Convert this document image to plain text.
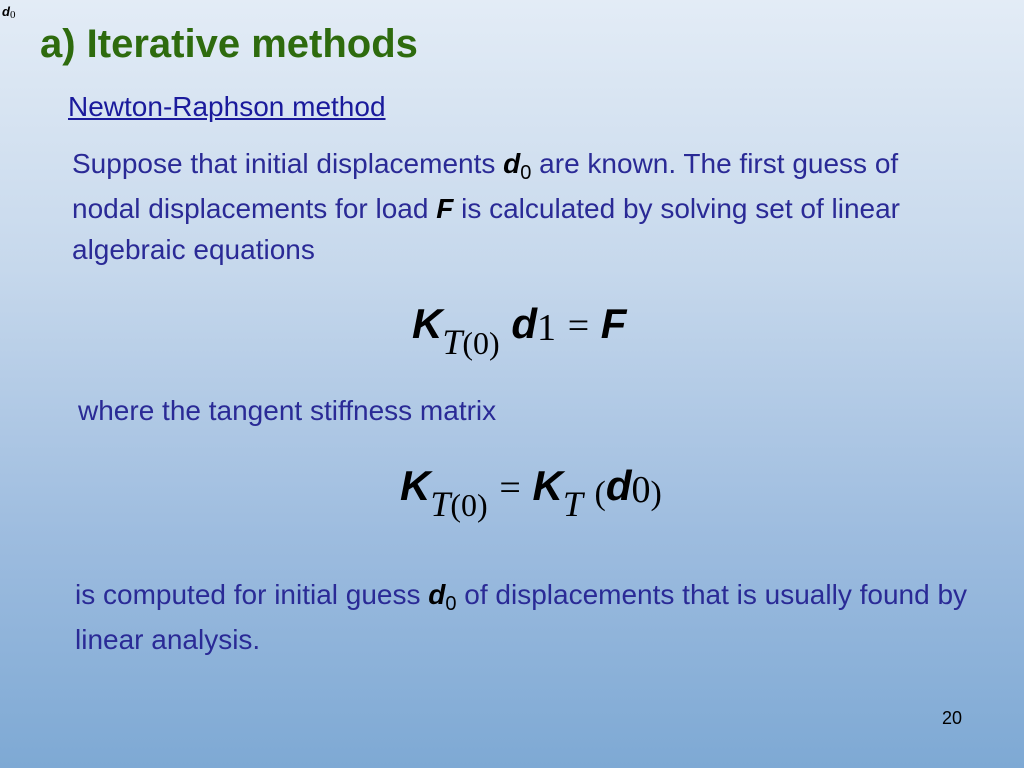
d0
a) Iterative methods
Newton-Raphson method
Suppose that initial displacements $d_0$ are known. The first guess of nodal displacements for load F is calculated by solving set of linear algebraic equations
$KT_{(0)}$ d1 = F
where the tangent stiffness matrix
$KT_{(0)}$ = KT (d0)
is computed for initial guess $d_0$ of displacements that is usually found by linear analysis.
20
